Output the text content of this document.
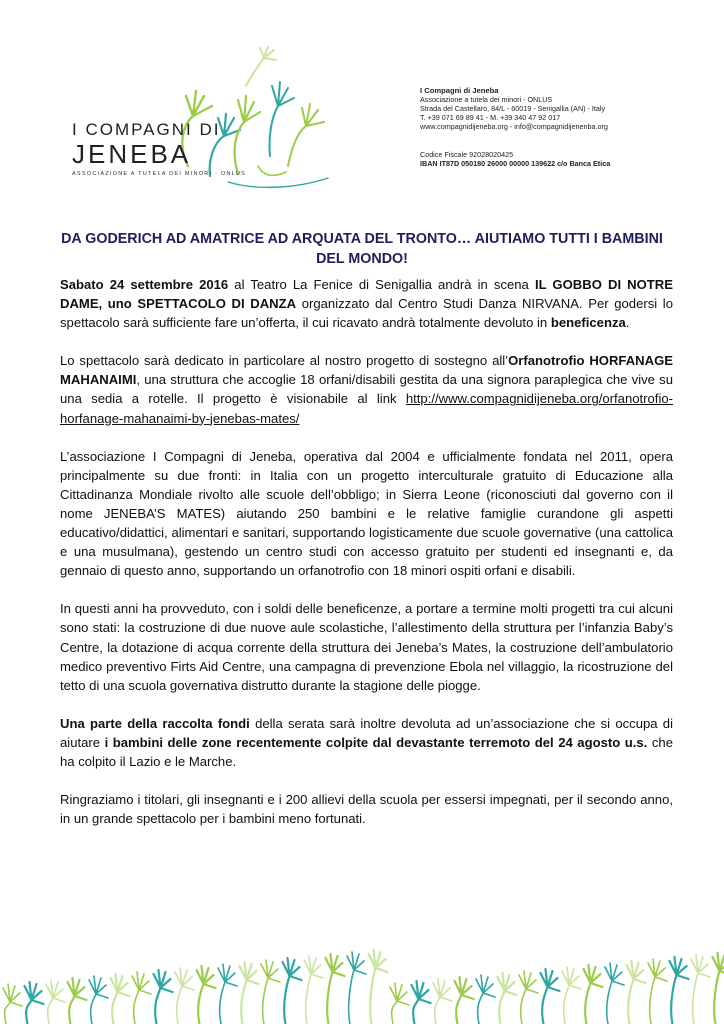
I COMPAGNI DI
JENEBA
ASSOCIAZIONE A TUTELA DEI MINORI - ONLUS
I Compagni di Jeneba
Associazione a tutela dei minori - ONLUS
Strada del Castellaro, 84/L - 60019 - Senigallia (AN) - Italy
T. +39 071 69 89 41 - M. +39 340 47 92 017
www.compagnidijeneba.org - info@compagnidijenenba.org
Codice Fiscale 92028020425
IBAN IT87D 050180 26000 00000 139622 c/o Banca Etica
DA GODERICH AD AMATRICE AD ARQUATA DEL TRONTO… AIUTIAMO TUTTI I BAMBINI DEL MONDO!

Sabato 24 settembre 2016 al Teatro La Fenice di Senigallia andrà in scena IL GOBBO DI NOTRE DAME, uno SPETTACOLO DI DANZA organizzato dal Centro Studi Danza NIRVANA. Per godersi lo spettacolo sarà sufficiente fare un’offerta, il cui ricavato andrà totalmente devoluto in beneficenza.

Lo spettacolo sarà dedicato in particolare al nostro progetto di sostegno all’Orfanotrofio HORFANAGE MAHANAIMI, una struttura che accoglie 18 orfani/disabili gestita da una signora paraplegica che vive su una sedia a rotelle. Il progetto è visionabile al link http://www.compagnidijeneba.org/orfanotrofio-horfanage-mahanaimi-by-jenebas-mates/

L’associazione I Compagni di Jeneba, operativa dal 2004 e ufficialmente fondata nel 2011, opera principalmente su due fronti: in Italia con un progetto interculturale gratuito di Educazione alla Cittadinanza Mondiale rivolto alle scuole dell’obbligo; in Sierra Leone (riconosciuti dal governo con il nome JENEBA’S MATES) aiutando 250 bambini e le relative famiglie curandone gli aspetti educativo/didattici, alimentari e sanitari, supportando logisticamente due scuole governative (una cattolica e una musulmana), gestendo un centro studi con accesso gratuito per studenti ed insegnanti e, da gennaio di questo anno, supportando un orfanotrofio con 18 minori ospiti orfani e disabili.

In questi anni ha provveduto, con i soldi delle beneficenze, a portare a termine molti progetti tra cui alcuni sono stati: la costruzione di due nuove aule scolastiche, l’allestimento della struttura per l’infanzia Baby’s Centre, la dotazione di acqua corrente della struttura dei Jeneba’s Mates, la costruzione dell’ambulatorio medico preventivo Firts Aid Centre, una campagna di prevenzione Ebola nel villaggio, la ricostruzione del tetto di una scuola governativa distrutto durante la stagione delle piogge.

Una parte della raccolta fondi della serata sarà inoltre devoluta ad un’associazione che si occupa di aiutare i bambini delle zone recentemente colpite dal devastante terremoto del 24 agosto u.s. che ha colpito il Lazio e le Marche.

Ringraziamo i titolari, gli insegnanti e i 200 allievi della scuola per essersi impegnati, per il secondo anno, in un grande spettacolo per i bambini meno fortunati.
